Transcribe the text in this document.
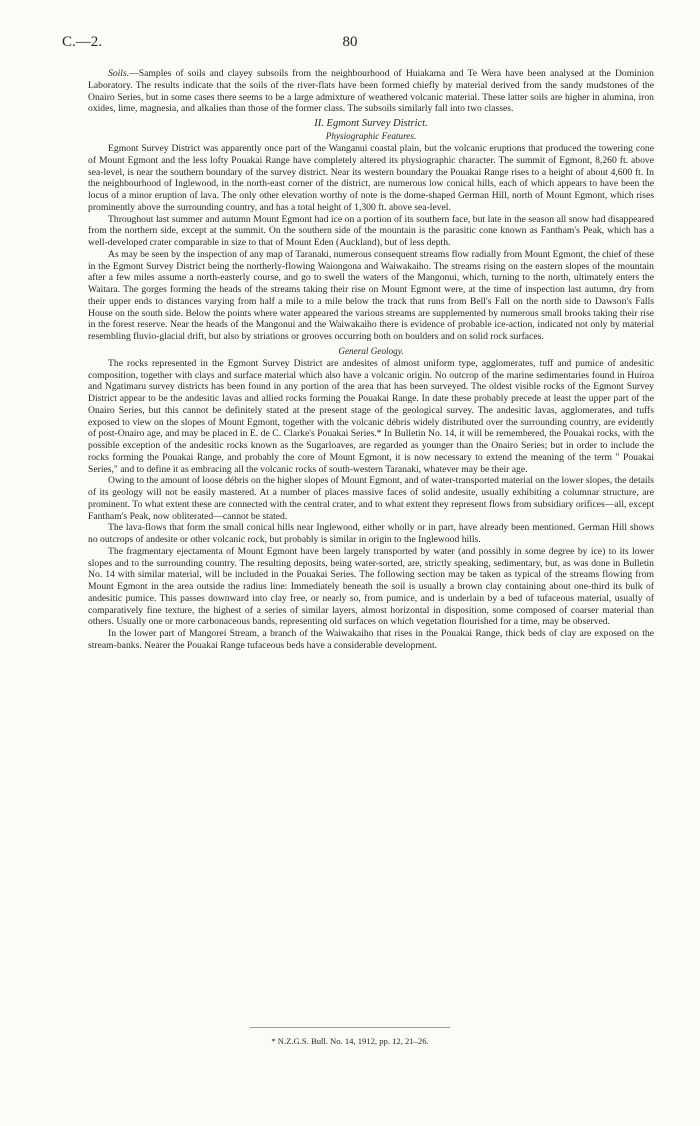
C.—2.	80

Soils.—Samples of soils and clayey subsoils from the neighbourhood of Huiakama and Te Wera have been analysed at the Dominion Laboratory. The results indicate that the soils of the river-flats have been formed chiefly by material derived from the sandy mudstones of the Onairo Series, but in some cases there seems to be a large admixture of weathered volcanic material. These latter soils are higher in alumina, iron oxides, lime, magnesia, and alkalies than those of the former class. The subsoils similarly fall into two classes.

II. Egmont Survey District.
Physiographic Features.

Egmont Survey District was apparently once part of the Wanganui coastal plain, but the volcanic eruptions that produced the towering cone of Mount Egmont and the less lofty Pouakai Range have completely altered its physiographic character. The summit of Egmont, 8,260 ft. above sea-level, is near the southern boundary of the survey district. Near its western boundary the Pouakai Range rises to a height of about 4,600 ft. In the neighbourhood of Inglewood, in the north-east corner of the district, are numerous low conical hills, each of which appears to have been the locus of a minor eruption of lava. The only other elevation worthy of note is the dome-shaped German Hill, north of Mount Egmont, which rises prominently above the surrounding country, and has a total height of 1,300 ft. above sea-level.

Throughout last summer and autumn Mount Egmont had ice on a portion of its southern face, but late in the season all snow had disappeared from the northern side, except at the summit. On the southern side of the mountain is the parasitic cone known as Fantham's Peak, which has a well-developed crater comparable in size to that of Mount Eden (Auckland), but of less depth.

As may be seen by the inspection of any map of Taranaki, numerous consequent streams flow radially from Mount Egmont, the chief of these in the Egmont Survey District being the northerly-flowing Waiongona and Waiwakaiho. The streams rising on the eastern slopes of the mountain after a few miles assume a north-easterly course, and go to swell the waters of the Mangonui, which, turning to the north, ultimately enters the Waitara. The gorges forming the heads of the streams taking their rise on Mount Egmont were, at the time of inspection last autumn, dry from their upper ends to distances varying from half a mile to a mile below the track that runs from Bell's Fall on the north side to Dawson's Falls House on the south side. Below the points where water appeared the various streams are supplemented by numerous small brooks taking their rise in the forest reserve. Near the heads of the Mangonui and the Waiwakaiho there is evidence of probable ice-action, indicated not only by material resembling fluvio-glacial drift, but also by striations or grooves occurring both on boulders and on solid rock surfaces.

General Geology.

The rocks represented in the Egmont Survey District are andesites of almost uniform type, agglomerates, tuff and pumice of andesitic composition, together with clays and surface material which also have a volcanic origin. No outcrop of the marine sedimentaries found in Huiroa and Ngatimaru survey districts has been found in any portion of the area that has been surveyed. The oldest visible rocks of the Egmont Survey District appear to be the andesitic lavas and allied rocks forming the Pouakai Range. In date these probably precede at least the upper part of the Onairo Series, but this cannot be definitely stated at the present stage of the geological survey. The andesitic lavas, agglomerates, and tuffs exposed to view on the slopes of Mount Egmont, together with the volcanic débris widely distributed over the surrounding country, are evidently of post-Onairo age, and may be placed in E. de C. Clarke's Pouakai Series.* In Bulletin No. 14, it will be remembered, the Pouakai rocks, with the possible exception of the andesitic rocks known as the Sugarloaves, are regarded as younger than the Onairo Series; but in order to include the rocks forming the Pouakai Range, and probably the core of Mount Egmont, it is now necessary to extend the meaning of the term " Pouakai Series," and to define it as embracing all the volcanic rocks of south-western Taranaki, whatever may be their age.

Owing to the amount of loose débris on the higher slopes of Mount Egmont, and of water-transported material on the lower slopes, the details of its geology will not be easily mastered. At a number of places massive faces of solid andesite, usually exhibiting a columnar structure, are prominent. To what extent these are connected with the central crater, and to what extent they represent flows from subsidiary orifices—all, except Fantham's Peak, now obliterated—cannot be stated.

The lava-flows that form the small conical hills near Inglewood, either wholly or in part, have already been mentioned. German Hill shows no outcrops of andesite or other volcanic rock, but probably is similar in origin to the Inglewood hills.

The fragmentary ejectamenta of Mount Egmont have been largely transported by water (and possibly in some degree by ice) to its lower slopes and to the surrounding country. The resulting deposits, being water-sorted, are, strictly speaking, sedimentary, but, as was done in Bulletin No. 14 with similar material, will be included in the Pouakai Series. The following section may be taken as typical of the streams flowing from Mount Egmont in the area outside the radius line: Immediately beneath the soil is usually a brown clay containing about one-third its bulk of andesitic pumice. This passes downward into clay free, or nearly so, from pumice, and is underlain by a bed of tufaceous material, usually of comparatively fine texture, the highest of a series of similar layers, almost horizontal in disposition, some composed of coarser material than others. Usually one or more carbonaceous bands, representing old surfaces on which vegetation flourished for a time, may be observed.

In the lower part of Mangorei Stream, a branch of the Waiwakaiho that rises in the Pouakai Range, thick beds of clay are exposed on the stream-banks. Nearer the Pouakai Range tufaceous beds have a considerable development.

* N.Z.G.S. Bull. No. 14, 1912, pp. 12, 21–26.
